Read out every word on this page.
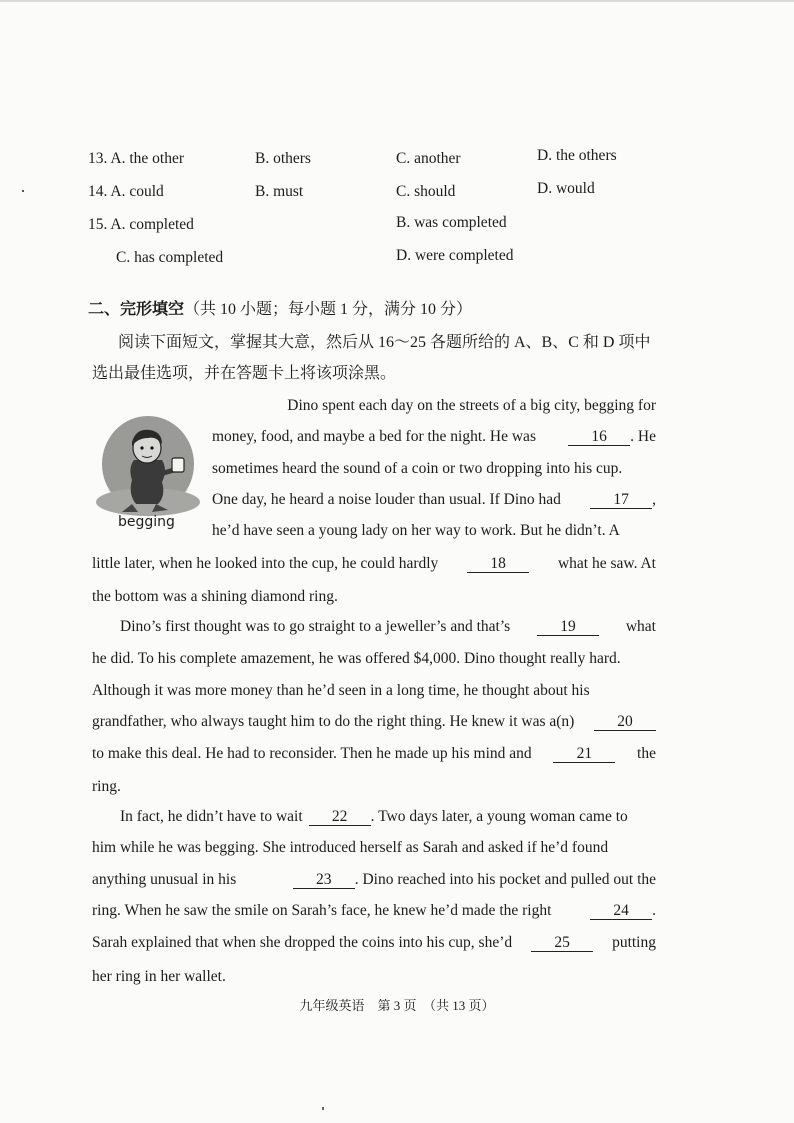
13. A. the other	B. others	C. another	D. the others
14. A. could	B. must	C. should	D. would
15. A. completed	B. was completed
C. has completed	D. were completed
二、完形填空（共 10 小题；每小题 1 分，满分 10 分）
阅读下面短文，掌握其大意，然后从 16～25 各题所给的 A、B、C 和 D 项中选出最佳选项，并在答题卡上将该项涂黑。
begging
Dino spent each day on the streets of a big city, begging for
money, food, and maybe a bed for the night. He was	16 . He
sometimes heard the sound of a coin or two dropping into his cup.
One day, he heard a noise louder than usual. If Dino had	17 ,
he’d have seen a young lady on her way to work. But he didn’t. A
little later, when he looked into the cup, he could hardly	18	what he saw. At
the bottom was a shining diamond ring.
Dino’s first thought was to go straight to a jeweller’s and that’s	19	what
he did. To his complete amazement, he was offered $4,000. Dino thought really hard.
Although it was more money than he’d seen in a long time, he thought about his
grandfather, who always taught him to do the right thing. He knew it was a(n)	20
to make this deal. He had to reconsider. Then he made up his mind and	21	the
ring.
In fact, he didn’t have to wait	22 . Two days later, a young woman came to
him while he was begging. She introduced herself as Sarah and asked if he’d found
anything unusual in his	23 . Dino reached into his pocket and pulled out the
ring. When he saw the smile on Sarah’s face, he knew he’d made the right	24 .
Sarah explained that when she dropped the coins into his cup, she’d	25	putting
her ring in her wallet.
九年级英语　第 3 页　（共 13 页）
